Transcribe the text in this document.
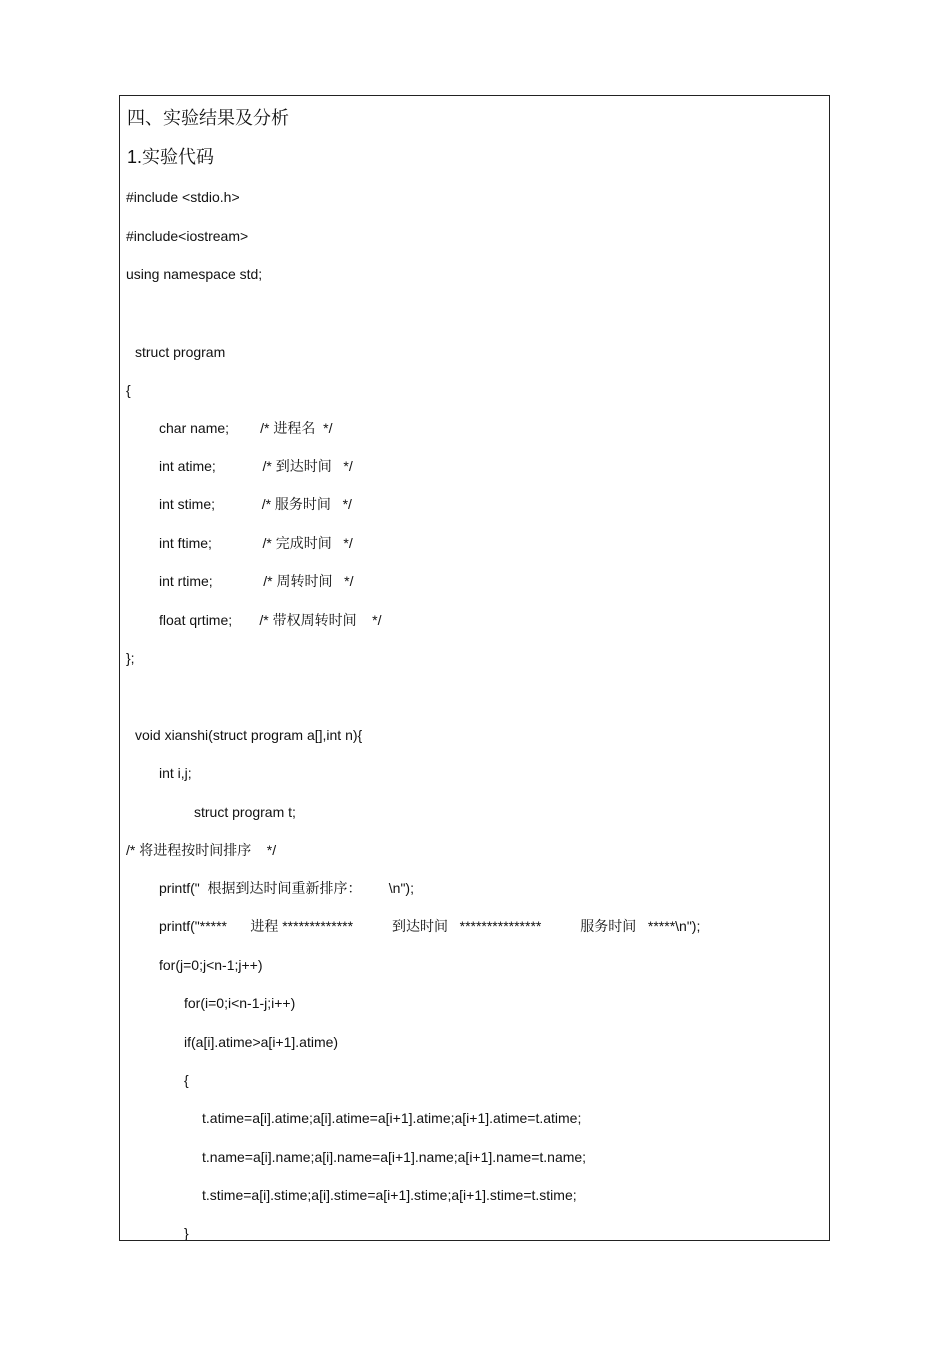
四、实验结果及分析
1.实验代码
#include <stdio.h>
#include<iostream>
using namespace std;
struct program
{
char name;        /* 进程名  */
int atime;            /* 到达时间   */
int stime;            /* 服务时间   */
int ftime;             /* 完成时间   */
int rtime;             /* 周转时间   */
float qrtime;       /* 带权周转时间    */
};
void xianshi(struct program a[],int n){
int i,j;
struct program t;
/* 将进程按时间排序    */
printf("  根据到达时间重新排序：       \n");
printf("*****      进程 *************          到达时间   ***************          服务时间   *****\n");
for(j=0;j<n-1;j++)
for(i=0;i<n-1-j;i++)
if(a[i].atime>a[i+1].atime)
{
t.atime=a[i].atime;a[i].atime=a[i+1].atime;a[i+1].atime=t.atime;
t.name=a[i].name;a[i].name=a[i+1].name;a[i+1].name=t.name;
t.stime=a[i].stime;a[i].stime=a[i+1].stime;a[i+1].stime=t.stime;
}
